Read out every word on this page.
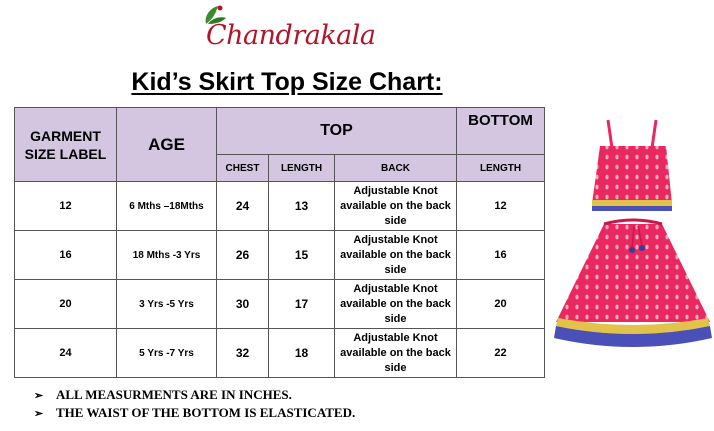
Chandrakala
Kid’s Skirt Top Size Chart:
GARMENT SIZE LABEL	AGE	TOP			BOTTOM
		CHEST	LENGTH	BACK	LENGTH
12	6 Mths –18Mths	24	13	Adjustable Knot available on the back side	12
16	18 Mths -3 Yrs	26	15	Adjustable Knot available on the back side	16
20	3 Yrs -5 Yrs	30	17	Adjustable Knot available on the back side	20
24	5 Yrs -7 Yrs	32	18	Adjustable Knot available on the back side	22
➢ ALL MEASURMENTS ARE IN INCHES.
➢ THE WAIST OF THE BOTTOM IS ELASTICATED.
